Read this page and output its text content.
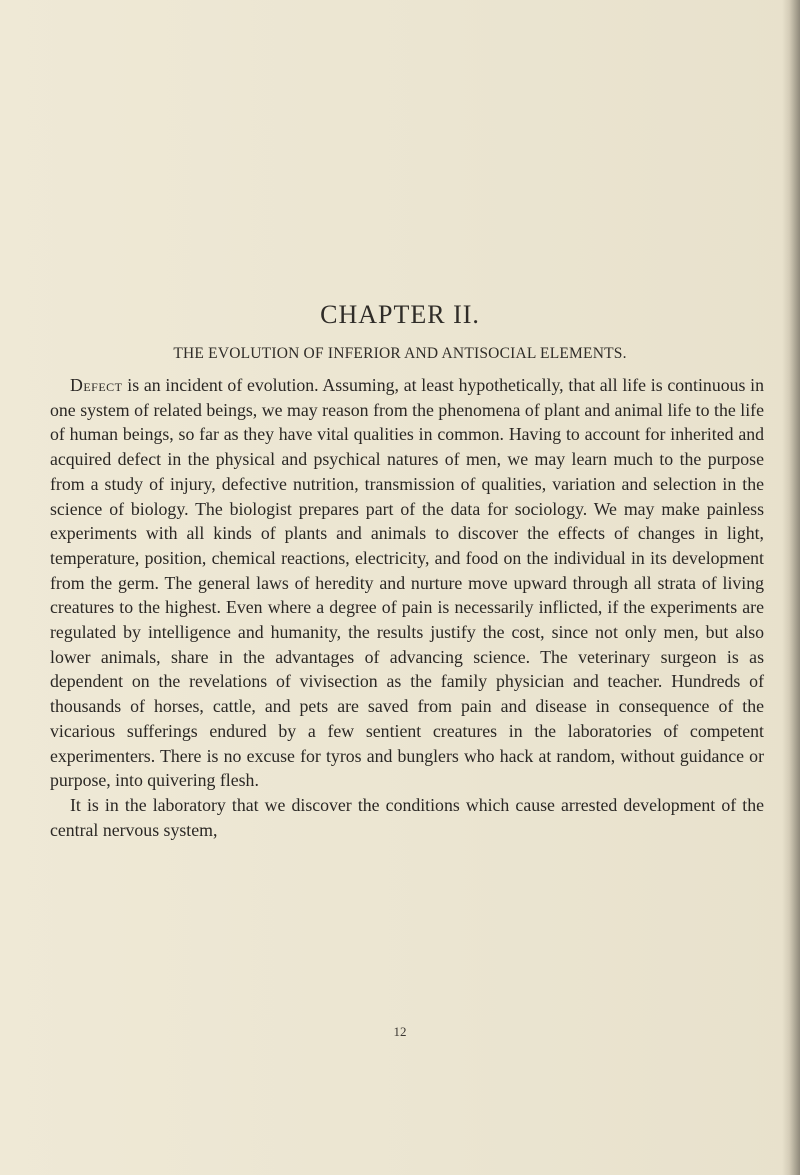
CHAPTER II.
THE EVOLUTION OF INFERIOR AND ANTISOCIAL ELEMENTS.

Defect is an incident of evolution. Assuming, at least hypothetically, that all life is continuous in one system of related beings, we may reason from the phenomena of plant and animal life to the life of human beings, so far as they have vital qualities in common. Having to account for inherited and acquired defect in the physical and psychical natures of men, we may learn much to the purpose from a study of injury, defective nutrition, transmission of qualities, variation and selection in the science of biology. The biologist prepares part of the data for sociology. We may make painless experiments with all kinds of plants and animals to discover the effects of changes in light, temperature, position, chemical reactions, electricity, and food on the individual in its development from the germ. The general laws of heredity and nurture move upward through all strata of living creatures to the highest. Even where a degree of pain is necessarily inflicted, if the experiments are regulated by intelligence and humanity, the results justify the cost, since not only men, but also lower animals, share in the advantages of advancing science. The veterinary surgeon is as dependent on the revelations of vivisection as the family physician and teacher. Hundreds of thousands of horses, cattle, and pets are saved from pain and disease in consequence of the vicarious sufferings endured by a few sentient creatures in the laboratories of competent experimenters. There is no excuse for tyros and bunglers who hack at random, without guidance or purpose, into quivering flesh.

It is in the laboratory that we discover the conditions which cause arrested development of the central nervous system,

12
